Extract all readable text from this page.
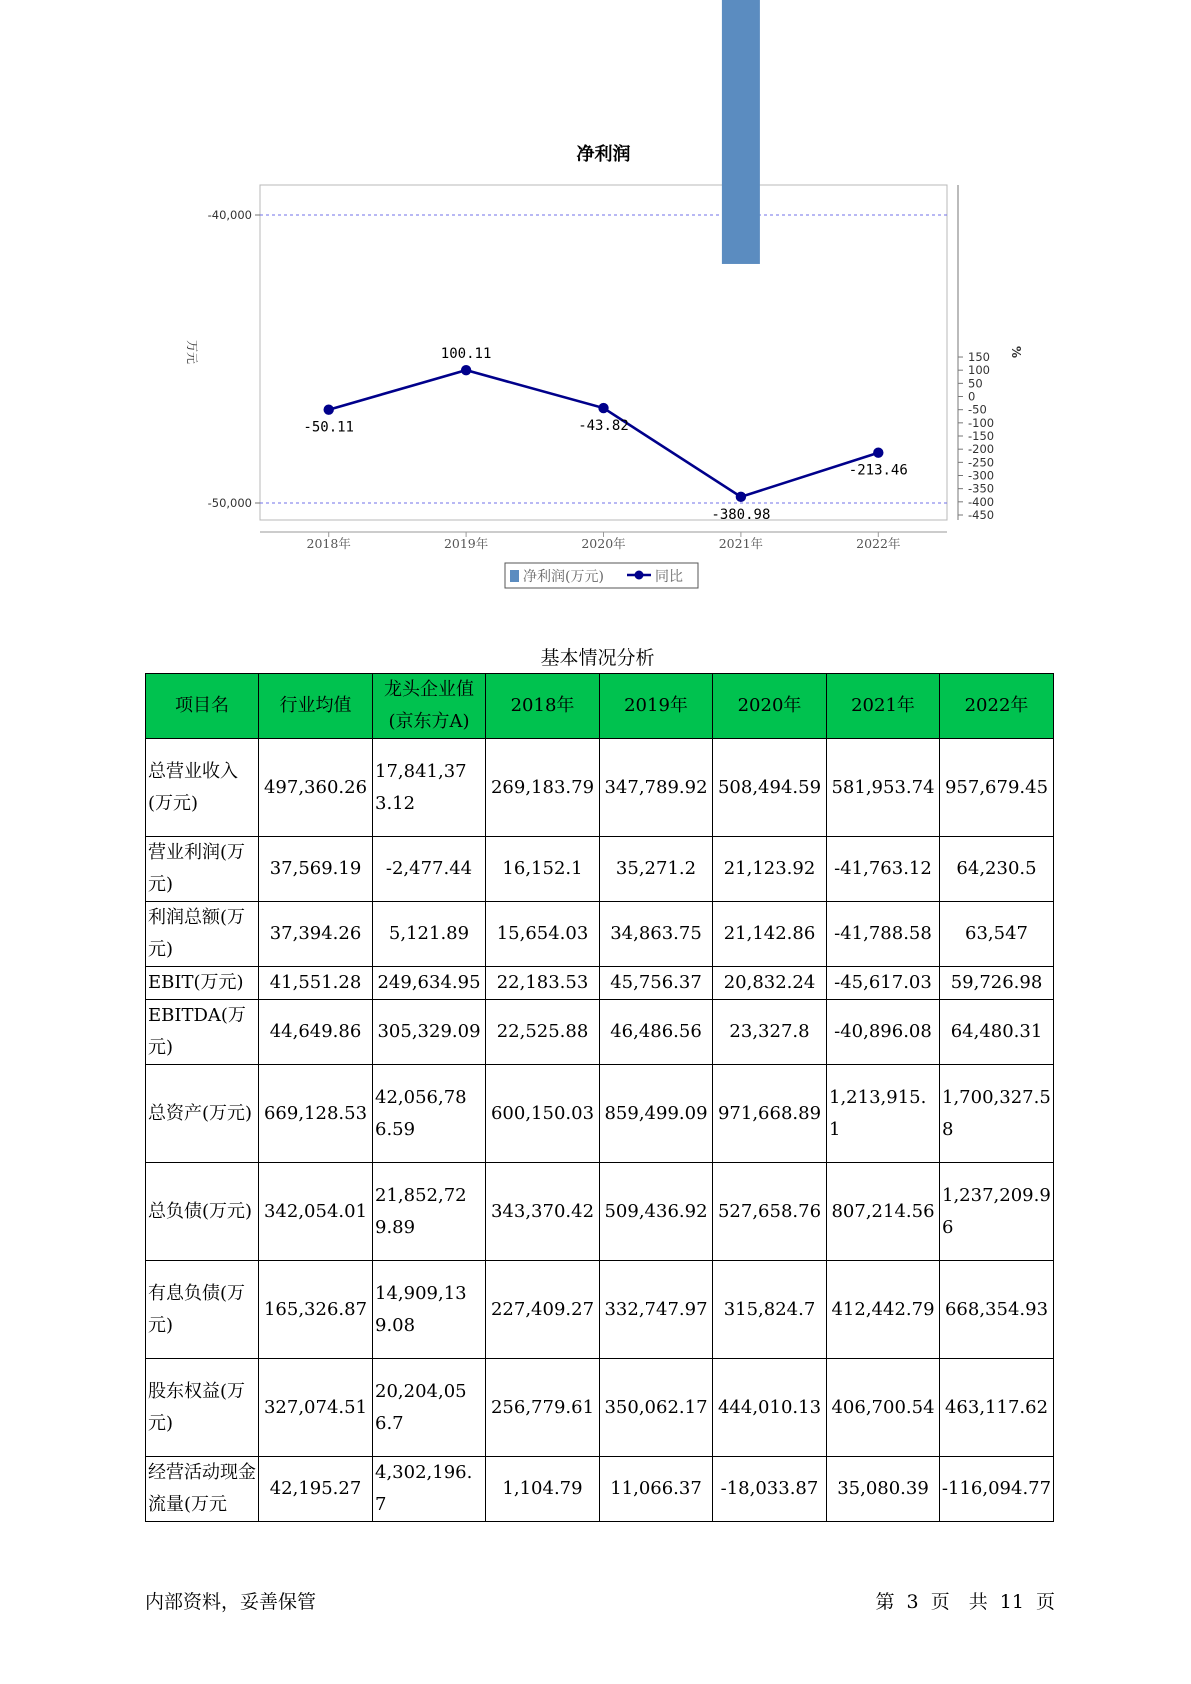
净利润
-40,000
-50,000
150
100
50
0
-50
-100
-150
-200
-250
-300
-350
-400
-450
万元	%
2018年	2019年	2020年	2021年	2022年
-50.11
100.11
-43.82
-380.98
-213.46
净利润(万元)	同比
基本情况分析
项目名	行业均值	龙头企业值(京东方A)	2018年	2019年	2020年	2021年	2022年
总营业收入(万元)	497,360.26	17,841,373.12	269,183.79	347,789.92	508,494.59	581,953.74	957,679.45
营业利润(万元)	37,569.19	-2,477.44	16,152.1	35,271.2	21,123.92	-41,763.12	64,230.5
利润总额(万元)	37,394.26	5,121.89	15,654.03	34,863.75	21,142.86	-41,788.58	63,547
EBIT(万元)	41,551.28	249,634.95	22,183.53	45,756.37	20,832.24	-45,617.03	59,726.98
EBITDA(万元)	44,649.86	305,329.09	22,525.88	46,486.56	23,327.8	-40,896.08	64,480.31
总资产(万元)	669,128.53	42,056,786.59	600,150.03	859,499.09	971,668.89	1,213,915.1	1,700,327.58
总负债(万元)	342,054.01	21,852,729.89	343,370.42	509,436.92	527,658.76	807,214.56	1,237,209.96
有息负债(万元)	165,326.87	14,909,139.08	227,409.27	332,747.97	315,824.7	412,442.79	668,354.93
股东权益(万元)	327,074.51	20,204,056.7	256,779.61	350,062.17	444,010.13	406,700.54	463,117.62
经营活动现金流量(万元	42,195.27	4,302,196.7	1,104.79	11,066.37	-18,033.87	35,080.39	-116,094.77
内部资料，妥善保管	第 3 页　共 11 页
